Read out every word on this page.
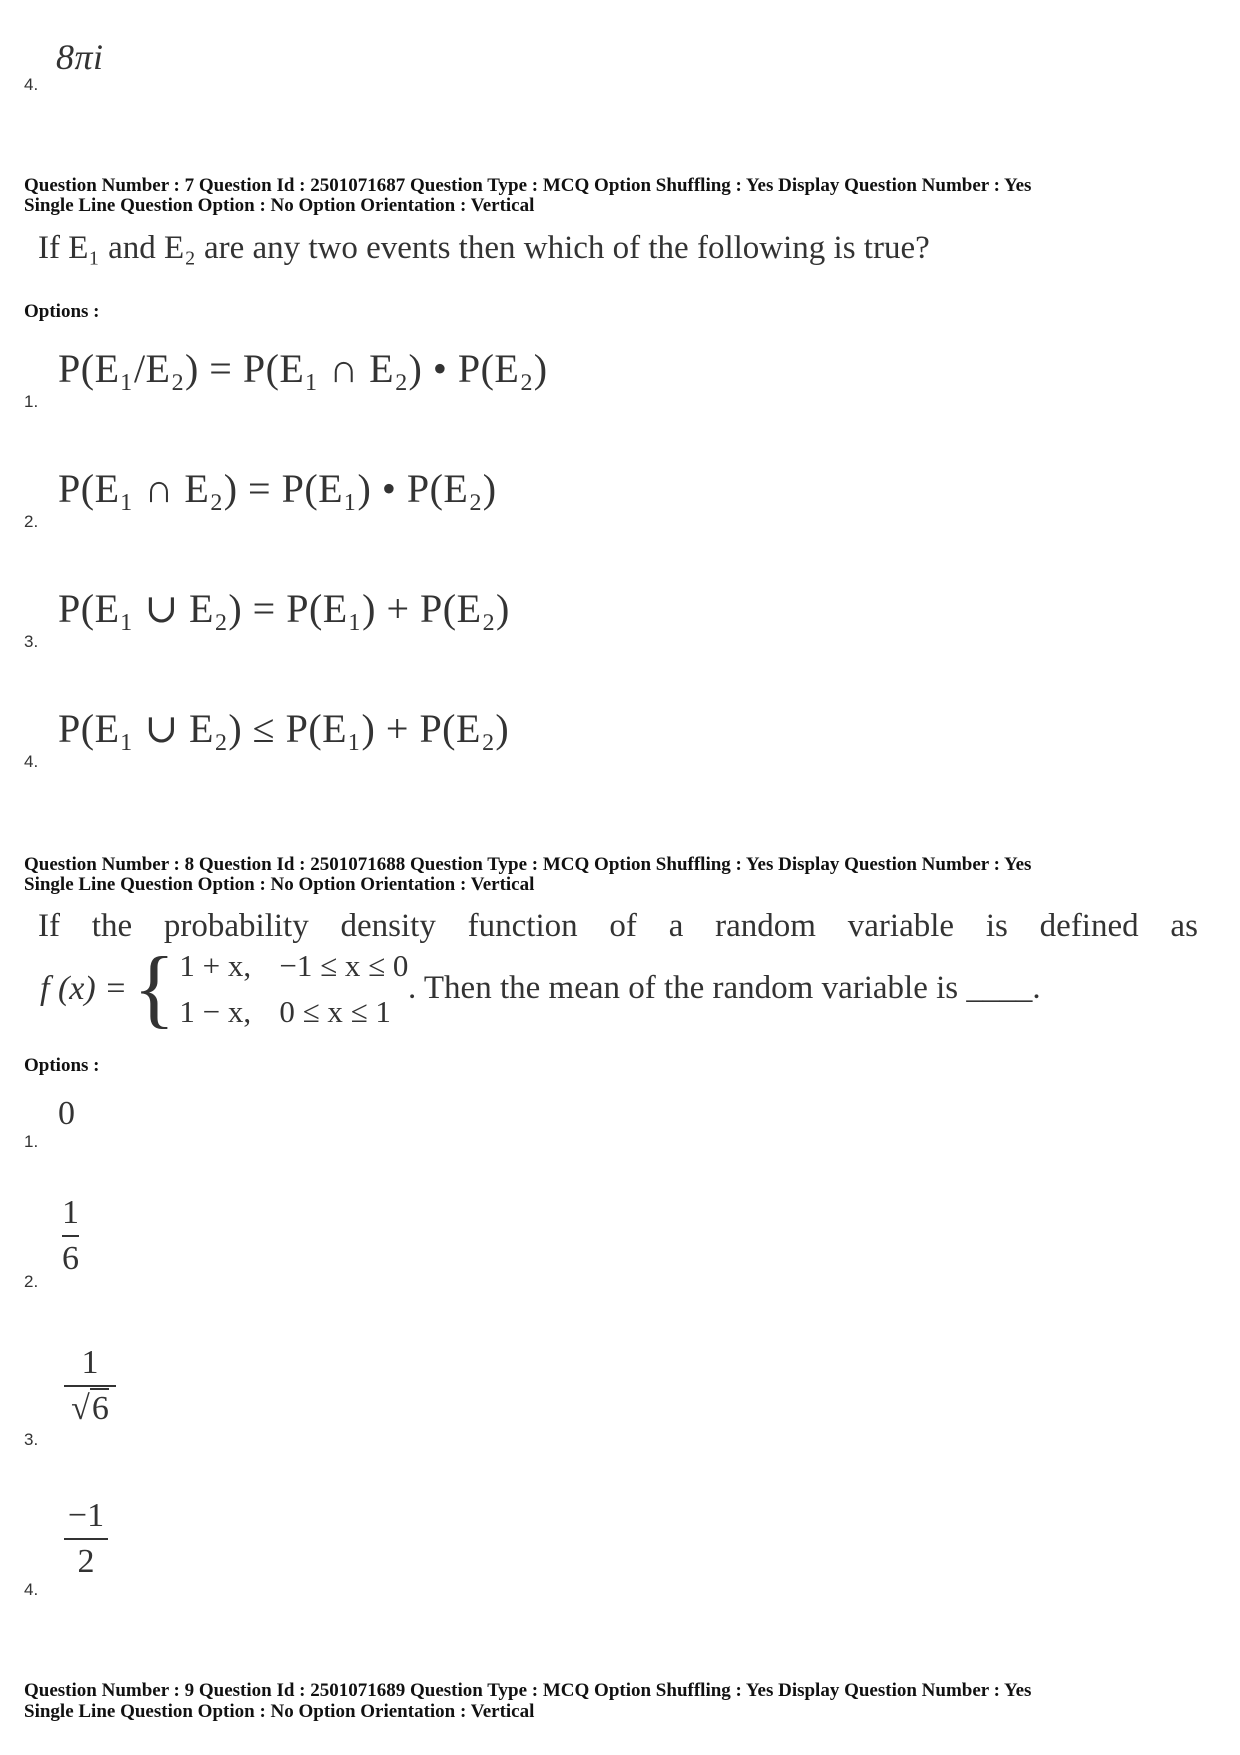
8πi
4.
Question Number : 7 Question Id : 2501071687 Question Type : MCQ Option Shuffling : Yes Display Question Number : Yes
Single Line Question Option : No Option Orientation : Vertical
If E₁ and E₂ are any two events then which of the following is true?
Options :
P(E₁/E₂) = P(E₁ ∩ E₂) • P(E₂)
1.
P(E₁ ∩ E₂) = P(E₁) • P(E₂)
2.
P(E₁ ∪ E₂) = P(E₁) + P(E₂)
3.
P(E₁ ∪ E₂) ≤ P(E₁) + P(E₂)
4.
Question Number : 8 Question Id : 2501071688 Question Type : MCQ Option Shuffling : Yes Display Question Number : Yes
Single Line Question Option : No Option Orientation : Vertical
If the probability density function of a random variable is defined as
f (x) = { 1 + x, −1 ≤ x ≤ 0
1 − x, 0 ≤ x ≤ 1
. Then the mean of the random variable is ____.
Options :
0
1.
1
6
2.
1
√6
3.
−1
2
4.
Question Number : 9 Question Id : 2501071689 Question Type : MCQ Option Shuffling : Yes Display Question Number : Yes
Single Line Question Option : No Option Orientation : Vertical
